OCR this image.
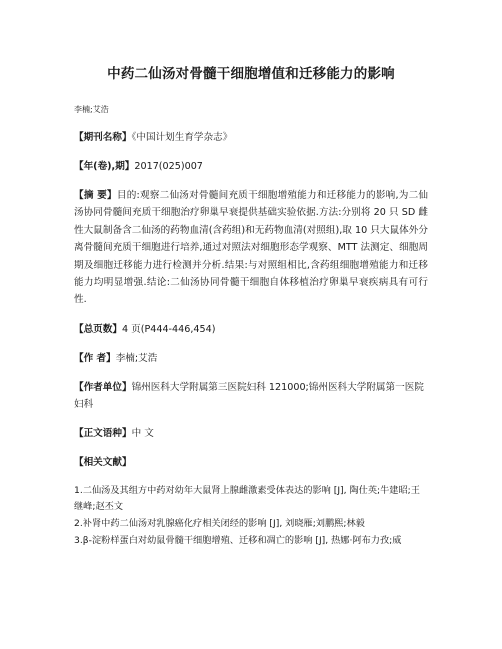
中药二仙汤对骨髓干细胞增值和迁移能力的影响
李楠;艾浩
【期刊名称】《中国计划生育学杂志》
【年(卷),期】2017(025)007
【摘 要】目的:观察二仙汤对骨髓间充质干细胞增殖能力和迁移能力的影响,为二仙汤协同骨髓间充质干细胞治疗卵巢早衰提供基础实验依据.方法:分别将 20 只 SD 雌性大鼠制备含二仙汤的药物血清(含药组)和无药物血清(对照组),取 10 只大鼠体外分离骨髓间充质干细胞进行培养,通过对照法对细胞形态学观察、MTT 法测定、细胞周期及细胞迁移能力进行检测并分析.结果:与对照组相比,含药组细胞增殖能力和迁移能力均明显增强.结论:二仙汤协同骨髓干细胞自体移植治疗卵巢早衰疾病具有可行性.
【总页数】4 页(P444-446,454)
【作 者】李楠;艾浩
【作者单位】锦州医科大学附属第三医院妇科 121000;锦州医科大学附属第一医院妇科
【正文语种】中 文
【相关文献】
1.二仙汤及其组方中药对幼年大鼠肾上腺雌激素受体表达的影响 [J], 陶仕英;牛建昭;王继峰;赵丕文
2.补肾中药二仙汤对乳腺癌化疗相关闭经的影响 [J], 刘晓雁;刘鹏熙;林毅
3.β-淀粉样蛋白对幼鼠骨髓干细胞增殖、迁移和凋亡的影响 [J], 热娜·阿布力孜;威
